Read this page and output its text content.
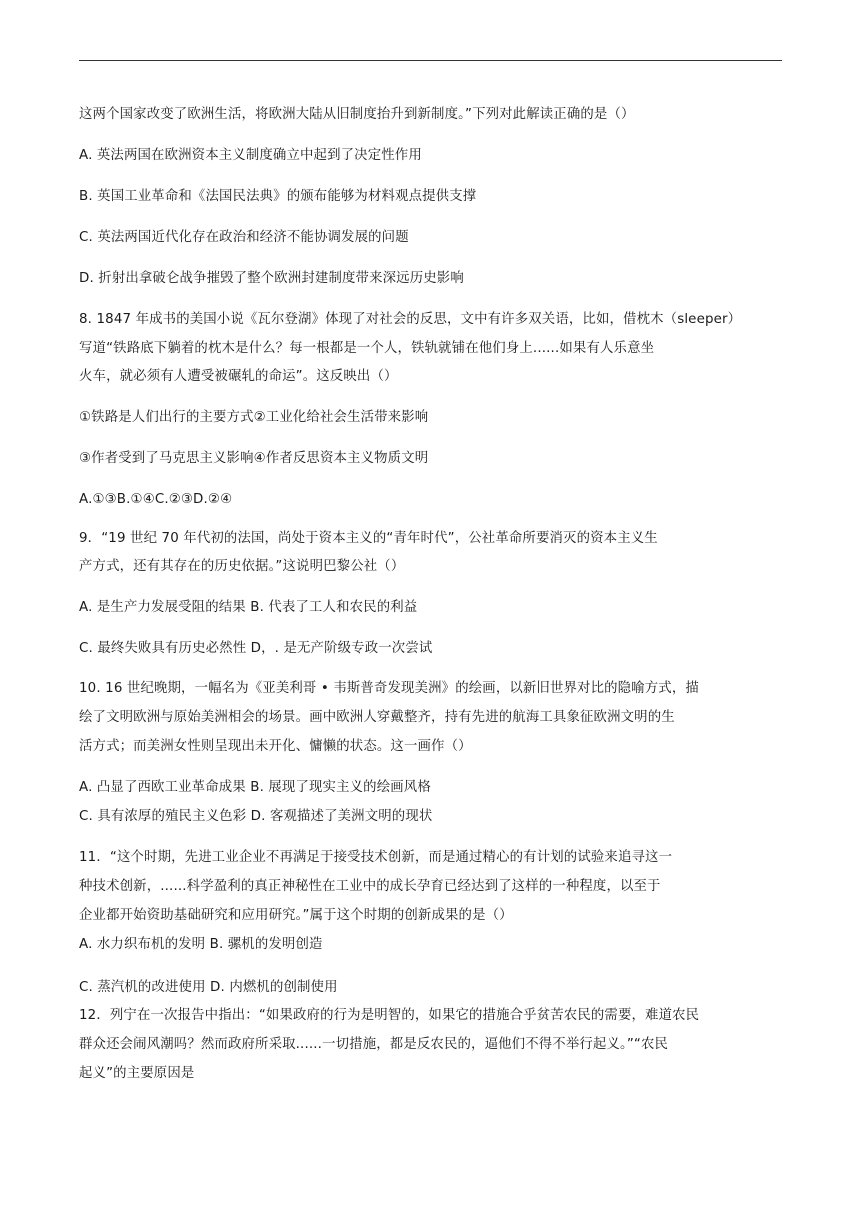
这两个国家改变了欧洲生活，将欧洲大陆从旧制度抬升到新制度。”下列对此解读正确的是（）
A. 英法两国在欧洲资本主义制度确立中起到了决定性作用
B. 英国工业革命和《法国民法典》的颁布能够为材料观点提供支撑
C. 英法两国近代化存在政治和经济不能协调发展的问题
D. 折射出拿破仑战争摧毁了整个欧洲封建制度带来深远历史影响
8. 1847 年成书的美国小说《瓦尔登湖》体现了对社会的反思，文中有许多双关语，比如，借枕木（sleeper）
写道“铁路底下躺着的枕木是什么？每一根都是一个人，铁轨就铺在他们身上......如果有人乐意坐
火车，就必须有人遭受被碾轧的命运”。这反映出（）
①铁路是人们出行的主要方式②工业化给社会生活带来影响
③作者受到了马克思主义影响④作者反思资本主义物质文明
A.①③B.①④C.②③D.②④
9．“19 世纪 70 年代初的法国，尚处于资本主义的“青年时代”，公社革命所要消灭的资本主义生
产方式，还有其存在的历史依据。”这说明巴黎公社（）
A. 是生产力发展受阻的结果 B. 代表了工人和农民的利益
C. 最终失败具有历史必然性 D，. 是无产阶级专政一次尝试
10. 16 世纪晚期，一幅名为《亚美利哥 • 韦斯普奇发现美洲》的绘画，以新旧世界对比的隐喻方式，描
绘了文明欧洲与原始美洲相会的场景。画中欧洲人穿戴整齐，持有先进的航海工具象征欧洲文明的生
活方式；而美洲女性则呈现出未开化、慵懒的状态。这一画作（）
A. 凸显了西欧工业革命成果 B. 展现了现实主义的绘画风格
C. 具有浓厚的殖民主义色彩 D. 客观描述了美洲文明的现状
11．“这个时期，先进工业企业不再满足于接受技术创新，而是通过精心的有计划的试验来追寻这一
种技术创新，......科学盈利的真正神秘性在工业中的成长孕育已经达到了这样的一种程度，以至于
企业都开始资助基础研究和应用研究。”属于这个时期的创新成果的是（）
A. 水力织布机的发明 B. 骡机的发明创造
C. 蒸汽机的改进使用 D. 内燃机的创制使用
12．列宁在一次报告中指出：“如果政府的行为是明智的，如果它的措施合乎贫苦农民的需要，难道农民
群众还会闹风潮吗？然而政府所采取......一切措施，都是反农民的，逼他们不得不举行起义。”“农民
起义”的主要原因是
